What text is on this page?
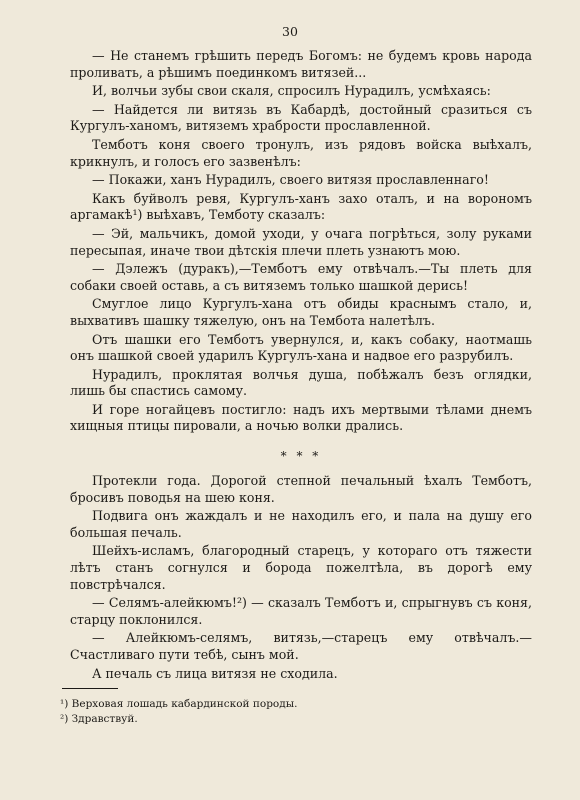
30

— Не станемъ грѣшить передъ Богомъ: не будемъ кровь народа проливать, а рѣшимъ поединкомъ витязей...

И, волчьи зубы свои скаля, спросилъ Нурадилъ, усмѣхаясь:

— Найдется ли витязь въ Кабардѣ, достойный сразиться съ Кургулъ-ханомъ, витяземъ храбрости прославленной.

Темботъ коня своего тронулъ, изъ рядовъ войска выѣхалъ, крикнулъ, и голосъ его зазвенѣлъ:

— Покажи, ханъ Нурадилъ, своего витязя прославленнаго!

Какъ буйволъ ревя, Кургулъ-ханъ захо оталъ, и на ворономъ аргамакѣ¹) выѣхавъ, Темботу сказалъ:

— Эй, мальчикъ, домой уходи, у очага погрѣться, золу руками пересыпая, иначе твои дѣтскія плечи плеть узнаютъ мою.

— Дэлежъ (дуракъ),—Темботъ ему отвѣчалъ.—Ты плеть для собаки своей оставь, а съ витяземъ только шашкой дерись!

Смуглое лицо Кургулъ-хана отъ обиды краснымъ стало, и, выхвативъ шашку тяжелую, онъ на Тембота налетѣлъ.

Отъ шашки его Темботъ увернулся, и, какъ собаку, наотмашь онъ шашкой своей ударилъ Кургулъ-хана и надвое его разрубилъ.

Нурадилъ, проклятая волчья душа, побѣжалъ безъ оглядки, лишь бы спастись самому.

И горе ногайцевъ постигло: надъ ихъ мертвыми тѣлами днемъ хищныя птицы пировали, а ночью волки дрались.

* * *

Протекли года. Дорогой степной печальный ѣхалъ Темботъ, бросивъ поводья на шею коня.

Подвига онъ жаждалъ и не находилъ его, и пала на душу его большая печаль.

Шейхъ-исламъ, благородный старецъ, у котораго отъ тяжести лѣтъ станъ согнулся и борода пожелтѣла, въ дорогѣ ему повстрѣчался.

— Селямъ-алейкюмъ!²) — сказалъ Темботъ и, спрыгнувъ съ коня, старцу поклонился.

— Алейкюмъ-селямъ, витязь,—старецъ ему отвѣчалъ.—Счастливаго пути тебѣ, сынъ мой.

А печаль съ лица витязя не сходила.

¹) Верховая лошадь кабардинской породы.

²) Здравствуй.
